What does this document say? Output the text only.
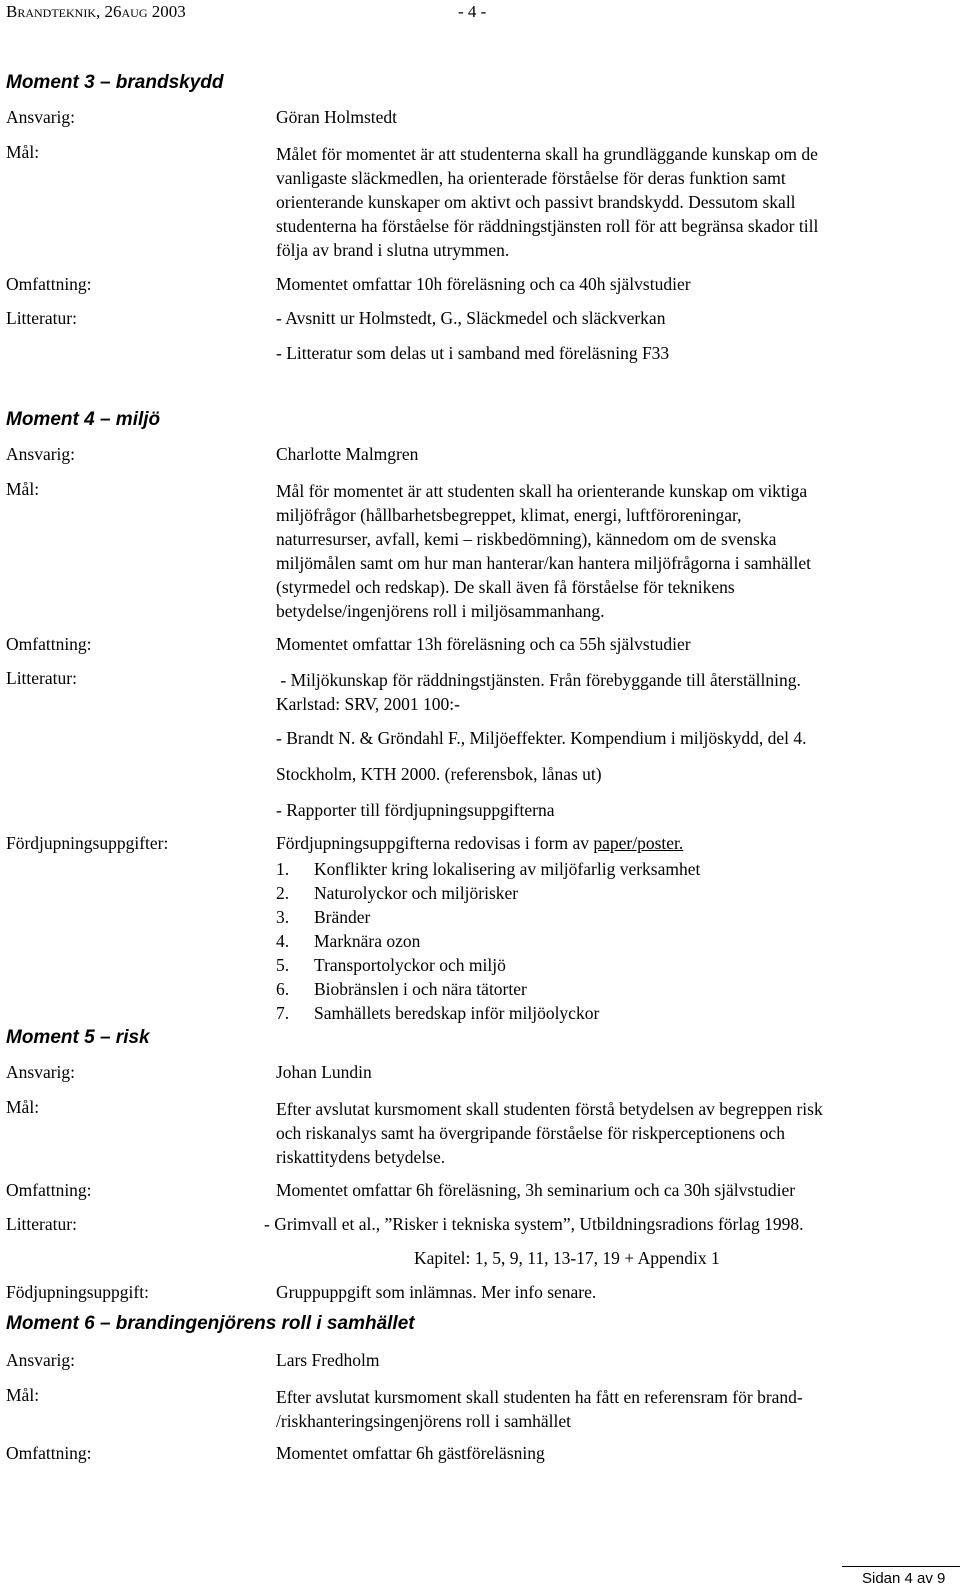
Brandteknik, 26aug 2003	- 4 -
Moment 3 – brandskydd
Ansvarig:	Göran Holmstedt
Mål:	Målet för momentet är att studenterna skall ha grundläggande kunskap om de
vanligaste släckmedlen, ha orienterade förståelse för deras funktion samt
orienterande kunskaper om aktivt och passivt brandskydd. Dessutom skall
studenterna ha förståelse för räddningstjänsten roll för att begränsa skador till
följa av brand i slutna utrymmen.
Omfattning:	Momentet omfattar 10h föreläsning och ca 40h självstudier
Litteratur:	- Avsnitt ur Holmstedt, G., Släckmedel och släckverkan
- Litteratur som delas ut i samband med föreläsning F33
Moment 4 – miljö
Ansvarig:	Charlotte Malmgren
Mål:	Mål för momentet är att studenten skall ha orienterande kunskap om viktiga
miljöfrågor (hållbarhetsbegreppet, klimat, energi, luftföroreningar,
naturresurser, avfall, kemi – riskbedömning), kännedom om de svenska
miljömålen samt om hur man hanterar/kan hantera miljöfrågorna i samhället
(styrmedel och redskap). De skall även få förståelse för teknikens
betydelse/ingenjörens roll i miljösammanhang.
Omfattning:	Momentet omfattar 13h föreläsning och ca 55h självstudier
Litteratur:	- Miljökunskap för räddningstjänsten. Från förebyggande till återställning.
Karlstad: SRV, 2001 100:-
- Brandt N. & Gröndahl F., Miljöeffekter. Kompendium i miljöskydd, del 4.
Stockholm, KTH 2000. (referensbok, lånas ut)
- Rapporter till fördjupningsuppgifterna
Fördjupningsuppgifter:	Fördjupningsuppgifterna redovisas i form av paper/poster.
1. Konflikter kring lokalisering av miljöfarlig verksamhet
2. Naturolyckor och miljörisker
3. Bränder
4. Marknära ozon
5. Transportolyckor och miljö
6. Biobränslen i och nära tätorter
7. Samhällets beredskap inför miljöolyckor
Moment 5 – risk
Ansvarig:	Johan Lundin
Mål:	Efter avslutat kursmoment skall studenten förstå betydelsen av begreppen risk
och riskanalys samt ha övergripande förståelse för riskperceptionens och
riskattitydens betydelse.
Omfattning:	Momentet omfattar 6h föreläsning, 3h seminarium och ca 30h självstudier
Litteratur:	- Grimvall et al., ”Risker i tekniska system”, Utbildningsradions förlag 1998.
Kapitel: 1, 5, 9, 11, 13-17, 19 + Appendix 1
Födjupningsuppgift:	Gruppuppgift som inlämnas. Mer info senare.
Moment 6 – brandingenjörens roll i samhället
Ansvarig:	Lars Fredholm
Mål:	Efter avslutat kursmoment skall studenten ha fått en referensram för brand-
/riskhanteringsingenjörens roll i samhället
Omfattning:	Momentet omfattar 6h gästföreläsning
Sidan 4 av 9
